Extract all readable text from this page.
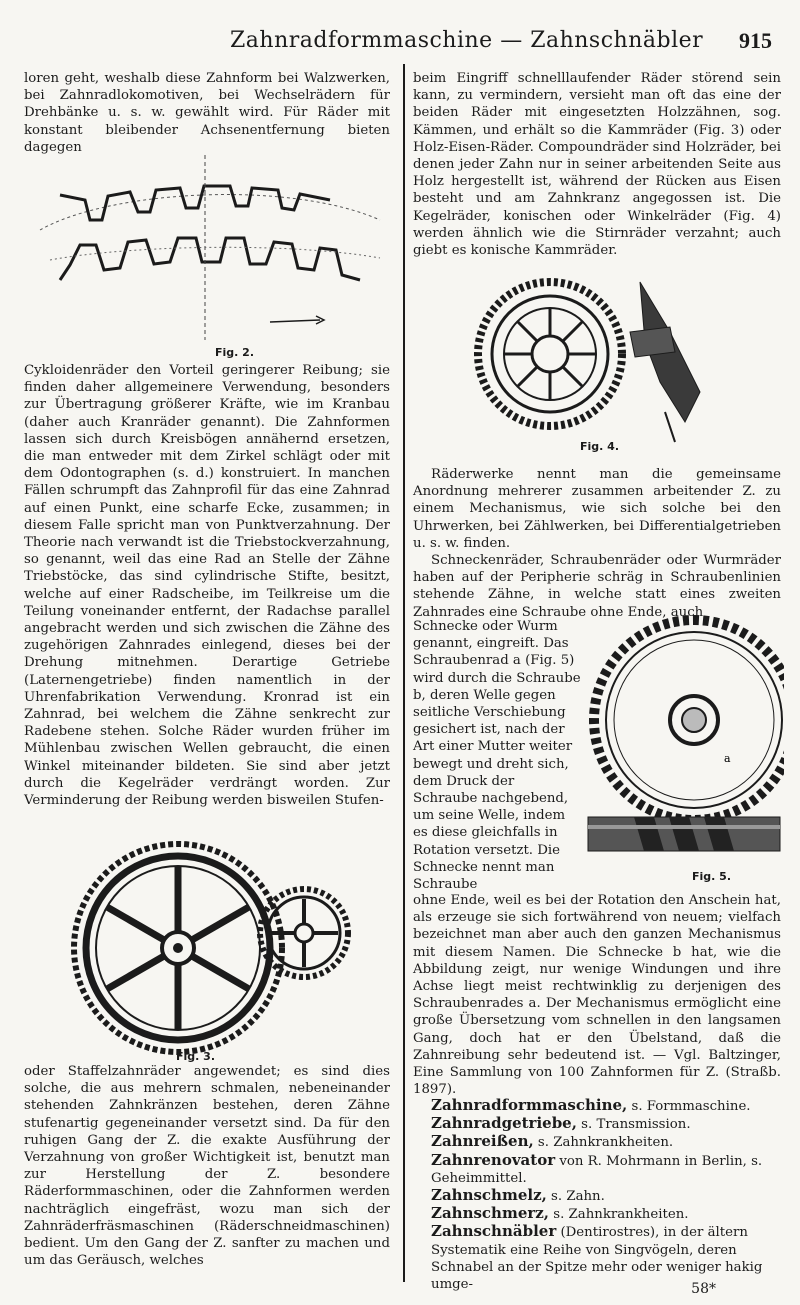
Zahnradformmaschine — Zahnschnäbler 915

loren geht, weshalb diese Zahnform bei Walzwerken, bei Zahnradlokomotiven, bei Wechselrädern für Drehbänke u. s. w. gewählt wird. Für Räder mit konstant bleibender Achsenentfernung bieten dagegen

Fig. 2.

Cykloidenräder den Vorteil geringerer Reibung; sie finden daher allgemeinere Verwendung, besonders zur Übertragung größerer Kräfte, wie im Kranbau (daher auch Kranräder genannt). Die Zahnformen lassen sich durch Kreisbögen annähernd ersetzen, die man entweder mit dem Zirkel schlägt oder mit dem Odontographen (s. d.) konstruiert. In manchen Fällen schrumpft das Zahnprofil für das eine Zahnrad auf einen Punkt, eine scharfe Ecke, zusammen; in diesem Falle spricht man von Punktverzahnung. Der Theorie nach verwandt ist die Triebstockverzahnung, so genannt, weil das eine Rad an Stelle der Zähne Triebstöcke, das sind cylindrische Stifte, besitzt, welche auf einer Radscheibe, im Teilkreise um die Teilung voneinander entfernt, der Radachse parallel angebracht werden und sich zwischen die Zähne des zugehörigen Zahnrades einlegend, dieses bei der Drehung mitnehmen. Derartige Getriebe (Laternengetriebe) finden namentlich in der Uhrenfabrikation Verwendung. Kronrad ist ein Zahnrad, bei welchem die Zähne senkrecht zur Radebene stehen. Solche Räder wurden früher im Mühlenbau zwischen Wellen gebraucht, die einen Winkel miteinander bildeten. Sie sind aber jetzt durch die Kegelräder verdrängt worden. Zur Verminderung der Reibung werden bisweilen Stufen-

Fig. 3.

oder Staffelzahnräder angewendet; es sind dies solche, die aus mehrern schmalen, nebeneinander stehenden Zahnkränzen bestehen, deren Zähne stufenartig gegeneinander versetzt sind. Da für den ruhigen Gang der Z. die exakte Ausführung der Verzahnung von großer Wichtigkeit ist, benutzt man zur Herstellung der Z. besondere Räderformmaschinen, oder die Zahnformen werden nachträglich eingefräst, wozu man sich der Zahnräderfräsmaschinen (Räderschneidmaschinen) bedient. Um den Gang der Z. sanfter zu machen und um das Geräusch, welches

beim Eingriff schnelllaufender Räder störend sein kann, zu vermindern, versieht man oft das eine der beiden Räder mit eingesetzten Holzzähnen, sog. Kämmen, und erhält so die Kammräder (Fig. 3) oder Holz-Eisen-Räder. Compoundräder sind Holzräder, bei denen jeder Zahn nur in seiner arbeitenden Seite aus Holz hergestellt ist, während der Rücken aus Eisen besteht und am Zahnkranz angegossen ist. Die Kegelräder, konischen oder Winkelräder (Fig. 4) werden ähnlich wie die Stirnräder verzahnt; auch giebt es konische Kammräder.

Fig. 4.

Räderwerke nennt man die gemeinsame Anordnung mehrerer zusammen arbeitender Z. zu einem Mechanismus, wie sich solche bei den Uhrwerken, bei Zählwerken, bei Differentialgetrieben u. s. w. finden.

Schneckenräder, Schraubenräder oder Wurmräder haben auf der Peripherie schräg in Schraubenlinien stehende Zähne, in welche statt eines zweiten Zahnrades eine Schraube ohne Ende, auch

Schnecke oder Wurm genannt, eingreift. Das Schraubenrad a (Fig. 5) wird durch die Schraube b, deren Welle gegen seitliche Verschiebung gesichert ist, nach der Art einer Mutter weiter bewegt und dreht sich, dem Druck der Schraube nachgebend, um seine Welle, indem es diese gleichfalls in Rotation versetzt. Die Schnecke nennt man Schraube

a
Fig. 5.

ohne Ende, weil es bei der Rotation den Anschein hat, als erzeuge sie sich fortwährend von neuem; vielfach bezeichnet man aber auch den ganzen Mechanismus mit diesem Namen. Die Schnecke b hat, wie die Abbildung zeigt, nur wenige Windungen und ihre Achse liegt meist rechtwinklig zu derjenigen des Schraubenrades a. Der Mechanismus ermöglicht eine große Übersetzung vom schnellen in den langsamen Gang, doch hat er den Übelstand, daß die Zahnreibung sehr bedeutend ist. — Vgl. Baltzinger, Eine Sammlung von 100 Zahnformen für Z. (Straßb. 1897).

Zahnradformmaschine, s. Formmaschine.

Zahnradgetriebe, s. Transmission.

Zahnreißen, s. Zahnkrankheiten.

Zahnrenovator von R. Mohrmann in Berlin, s. Geheimmittel.

Zahnschmelz, s. Zahn.

Zahnschmerz, s. Zahnkrankheiten.

Zahnschnäbler (Dentirostres), in der ältern Systematik eine Reihe von Singvögeln, deren Schnabel an der Spitze mehr oder weniger hakig umge-	58*
